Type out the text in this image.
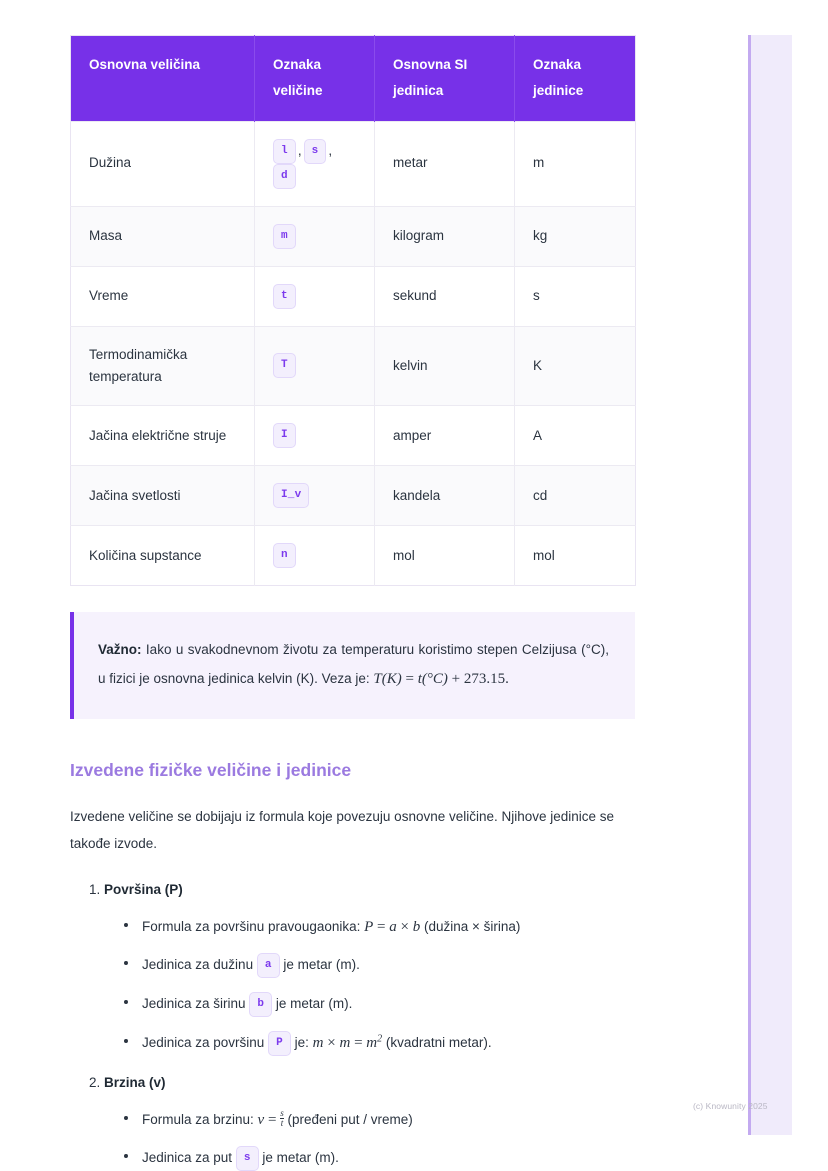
Osnovna veličina	Oznaka veličine	Osnovna SI jedinica	Oznaka jedinice
Dužina	l , s ,d	metar	m
Masa	m	kilogram	kg
Vreme	t	sekund	s
Termodinamička temperatura	T	kelvin	K
Jačina električne struje	I	amper	A
Jačina svetlosti	I_v	kandela	cd
Količina supstance	n	mol	mol
Važno: Iako u svakodnevnom životu za temperaturu koristimo stepen Celzijusa (°C), u fizici je osnovna jedinica kelvin (K). Veza je: T(K) = t(°C) + 273.15.
Izvedene fizičke veličine i jedinice

Izvedene veličine se dobijaju iz formula koje povezuju osnovne veličine. Njihove jedinice se takođe izvode.

1. Površina (P)
Formula za površinu pravougaonika: P = a × b (dužina × širina)
Jedinica za dužinu a je metar (m).
Jedinica za širinu b je metar (m).
Jedinica za površinu P je: $m \times m = m^2$ (kvadratni metar).
2. Brzina (v)
Formula za brzinu: $v = \frac{s}{t}$ (pređeni put / vreme)
Jedinica za put s je metar (m).
(c) Knowunity 2025
